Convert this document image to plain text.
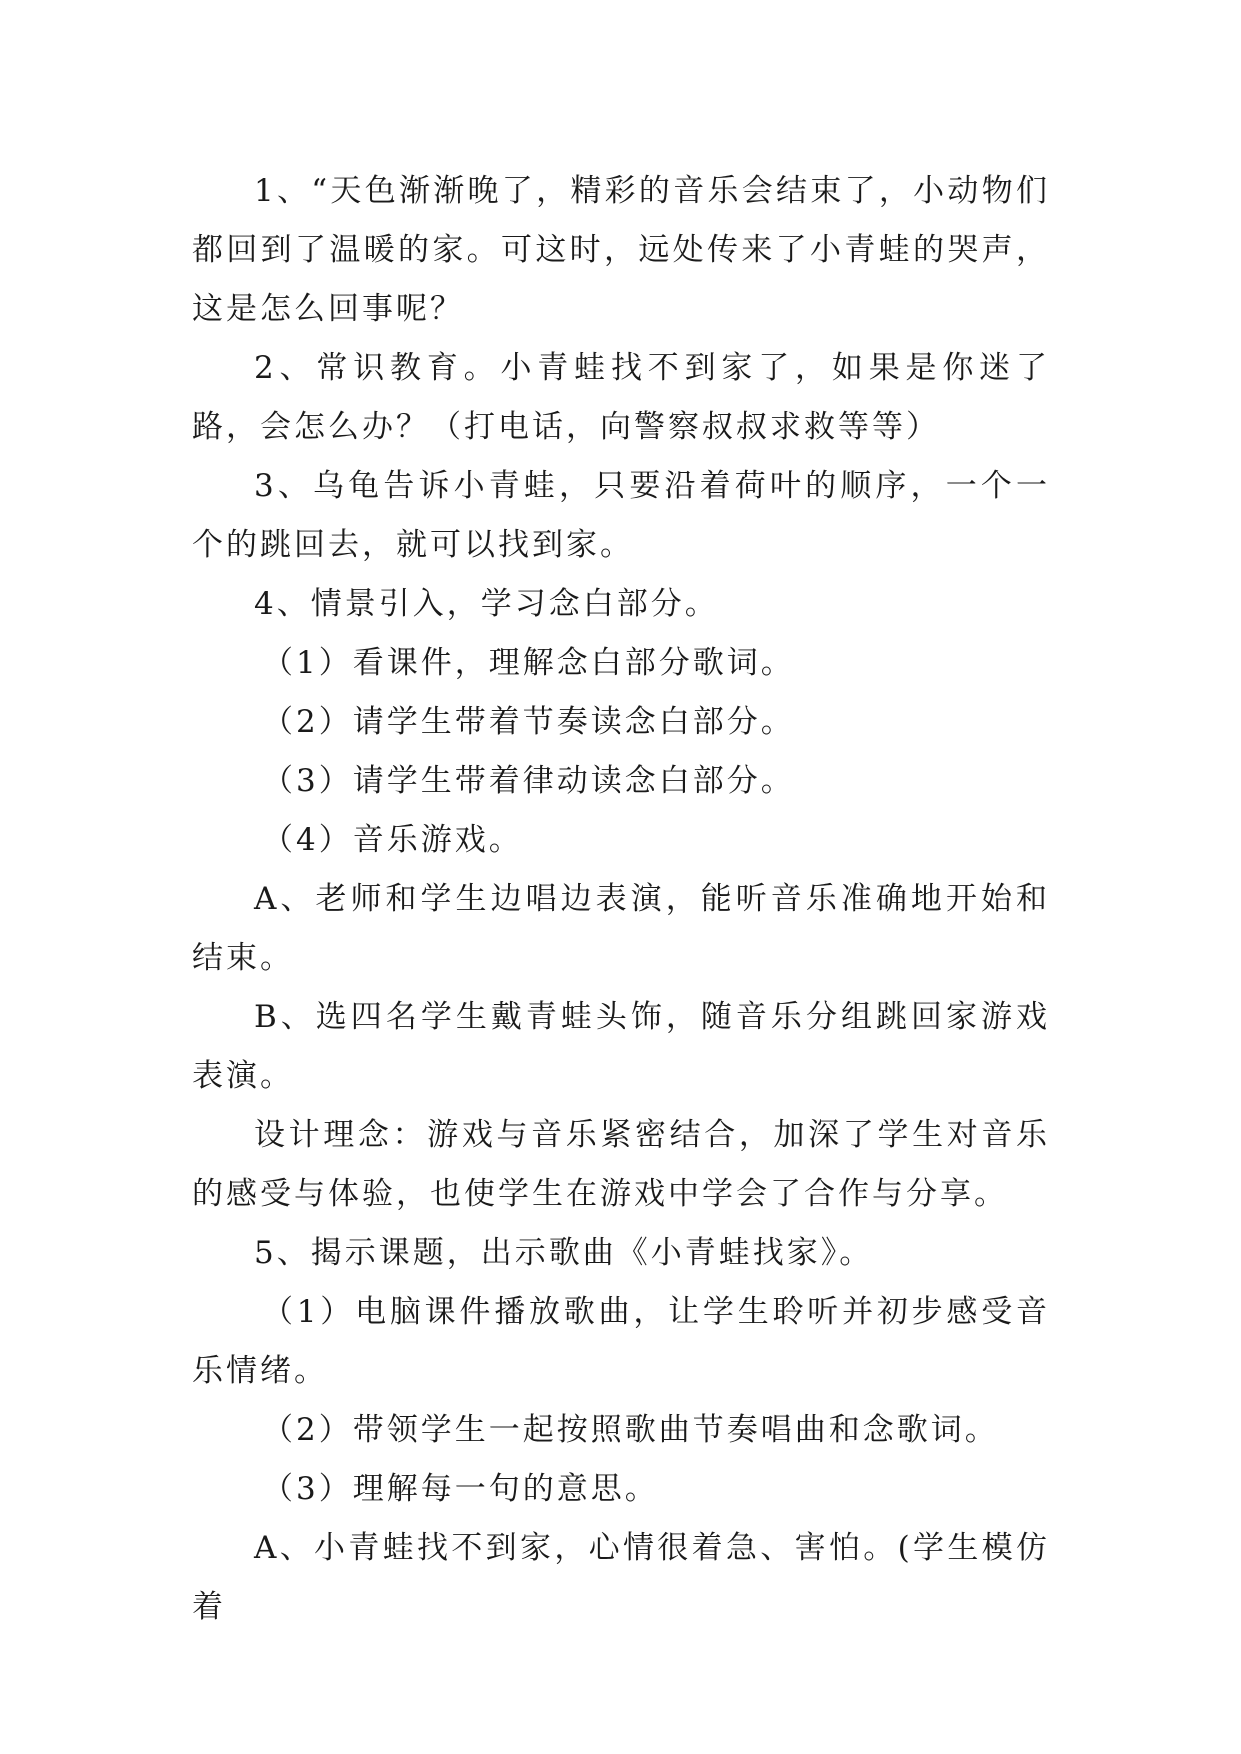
1、“天色渐渐晚了，精彩的音乐会结束了，小动物们都回到了温暖的家。可这时，远处传来了小青蛙的哭声，这是怎么回事呢？

2、常识教育。小青蛙找不到家了，如果是你迷了路，会怎么办？（打电话，向警察叔叔求救等等）

3、乌龟告诉小青蛙，只要沿着荷叶的顺序，一个一个的跳回去，就可以找到家。

4、情景引入，学习念白部分。

（1）看课件，理解念白部分歌词。

（2）请学生带着节奏读念白部分。

（3）请学生带着律动读念白部分。

（4）音乐游戏。

A、老师和学生边唱边表演，能听音乐准确地开始和结束。

B、选四名学生戴青蛙头饰，随音乐分组跳回家游戏表演。

设计理念：游戏与音乐紧密结合，加深了学生对音乐的感受与体验，也使学生在游戏中学会了合作与分享。

5、揭示课题，出示歌曲《小青蛙找家》。

（1）电脑课件播放歌曲，让学生聆听并初步感受音乐情绪。

（2）带领学生一起按照歌曲节奏唱曲和念歌词。

（3）理解每一句的意思。

A、小青蛙找不到家，心情很着急、害怕。(学生模仿着
